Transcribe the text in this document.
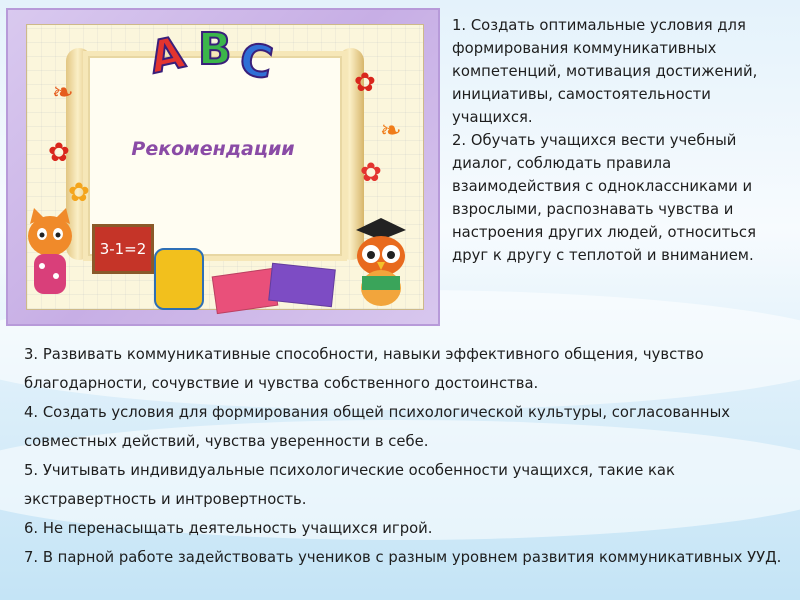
Рекомендации
A B C
❧
✿
✿
✿
❧
✿
3-1=2

1. Создать оптимальные условия для формирования коммуникативных компетенций, мотивация достижений, инициативы, самостоятельности учащихся.

2. Обучать учащихся вести учебный диалог, соблюдать правила взаимодействия с одноклассниками и взрослыми, распознавать чувства и настроения других людей, относиться друг к другу с теплотой и вниманием.

3. Развивать коммуникативные способности, навыки эффективного общения, чувство благодарности, сочувствие и чувства собственного достоинства.

4. Создать условия для формирования общей психологической культуры, согласованных совместных действий, чувства уверенности в себе.

5. Учитывать индивидуальные психологические особенности учащихся, такие как экстравертность и интровертность.

6. Не перенасыщать деятельность учащихся игрой.

7. В парной работе задействовать учеников с разным уровнем развития коммуникативных УУД.
